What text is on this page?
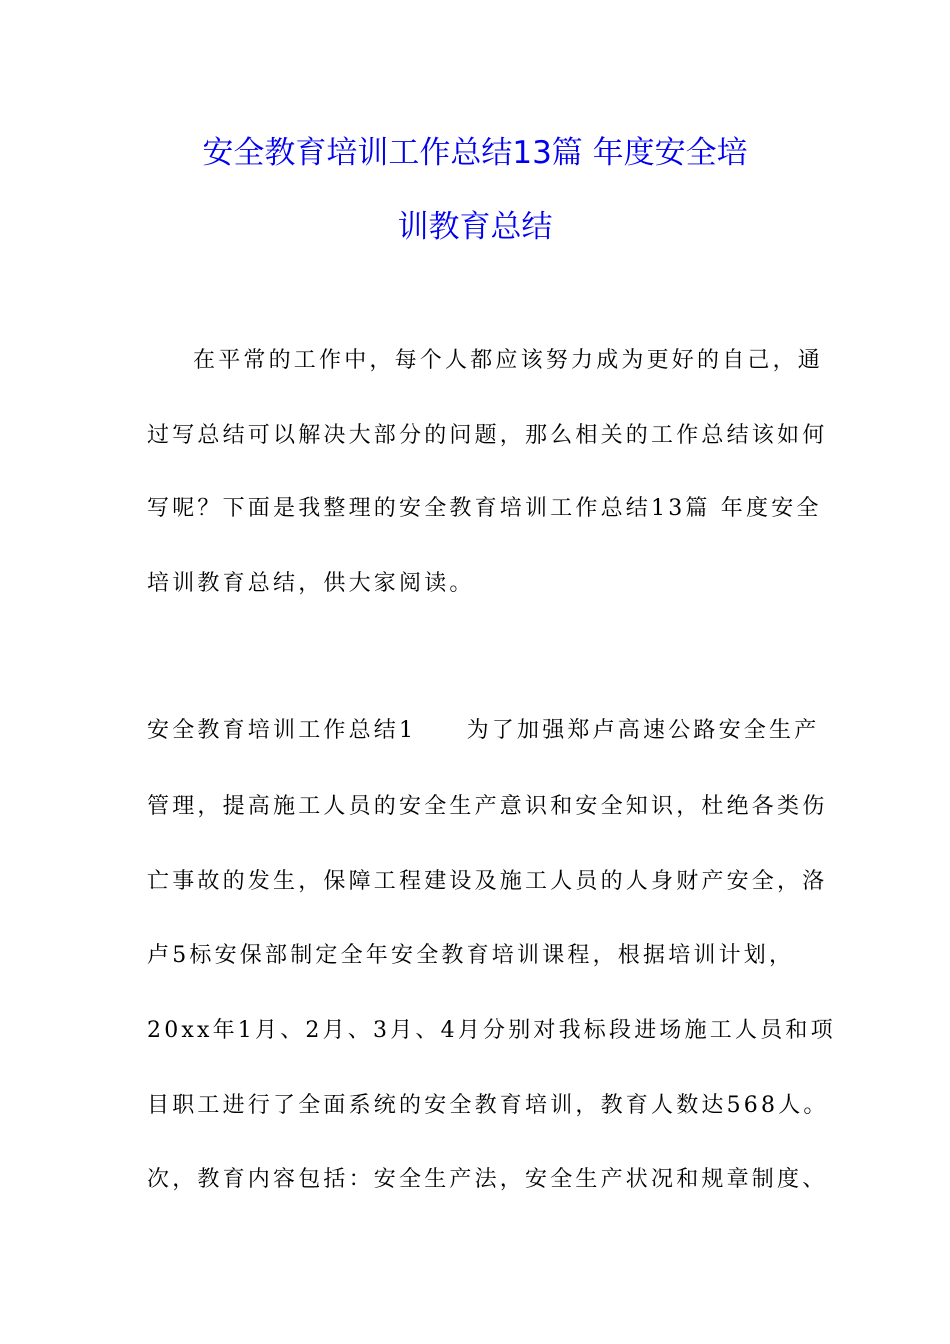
安全教育培训工作总结13篇 年度安全培
训教育总结

在平常的工作中，每个人都应该努力成为更好的自己，通

过写总结可以解决大部分的问题，那么相关的工作总结该如何

写呢？下面是我整理的安全教育培训工作总结13篇 年度安全

培训教育总结，供大家阅读。

安全教育培训工作总结1　　为了加强郑卢高速公路安全生产

管理，提高施工人员的安全生产意识和安全知识，杜绝各类伤

亡事故的发生，保障工程建设及施工人员的人身财产安全，洛

卢5标安保部制定全年安全教育培训课程，根据培训计划，

20xx年1月、2月、3月、4月分别对我标段进场施工人员和项

目职工进行了全面系统的安全教育培训，教育人数达568人。

次，教育内容包括：安全生产法，安全生产状况和规章制度、
